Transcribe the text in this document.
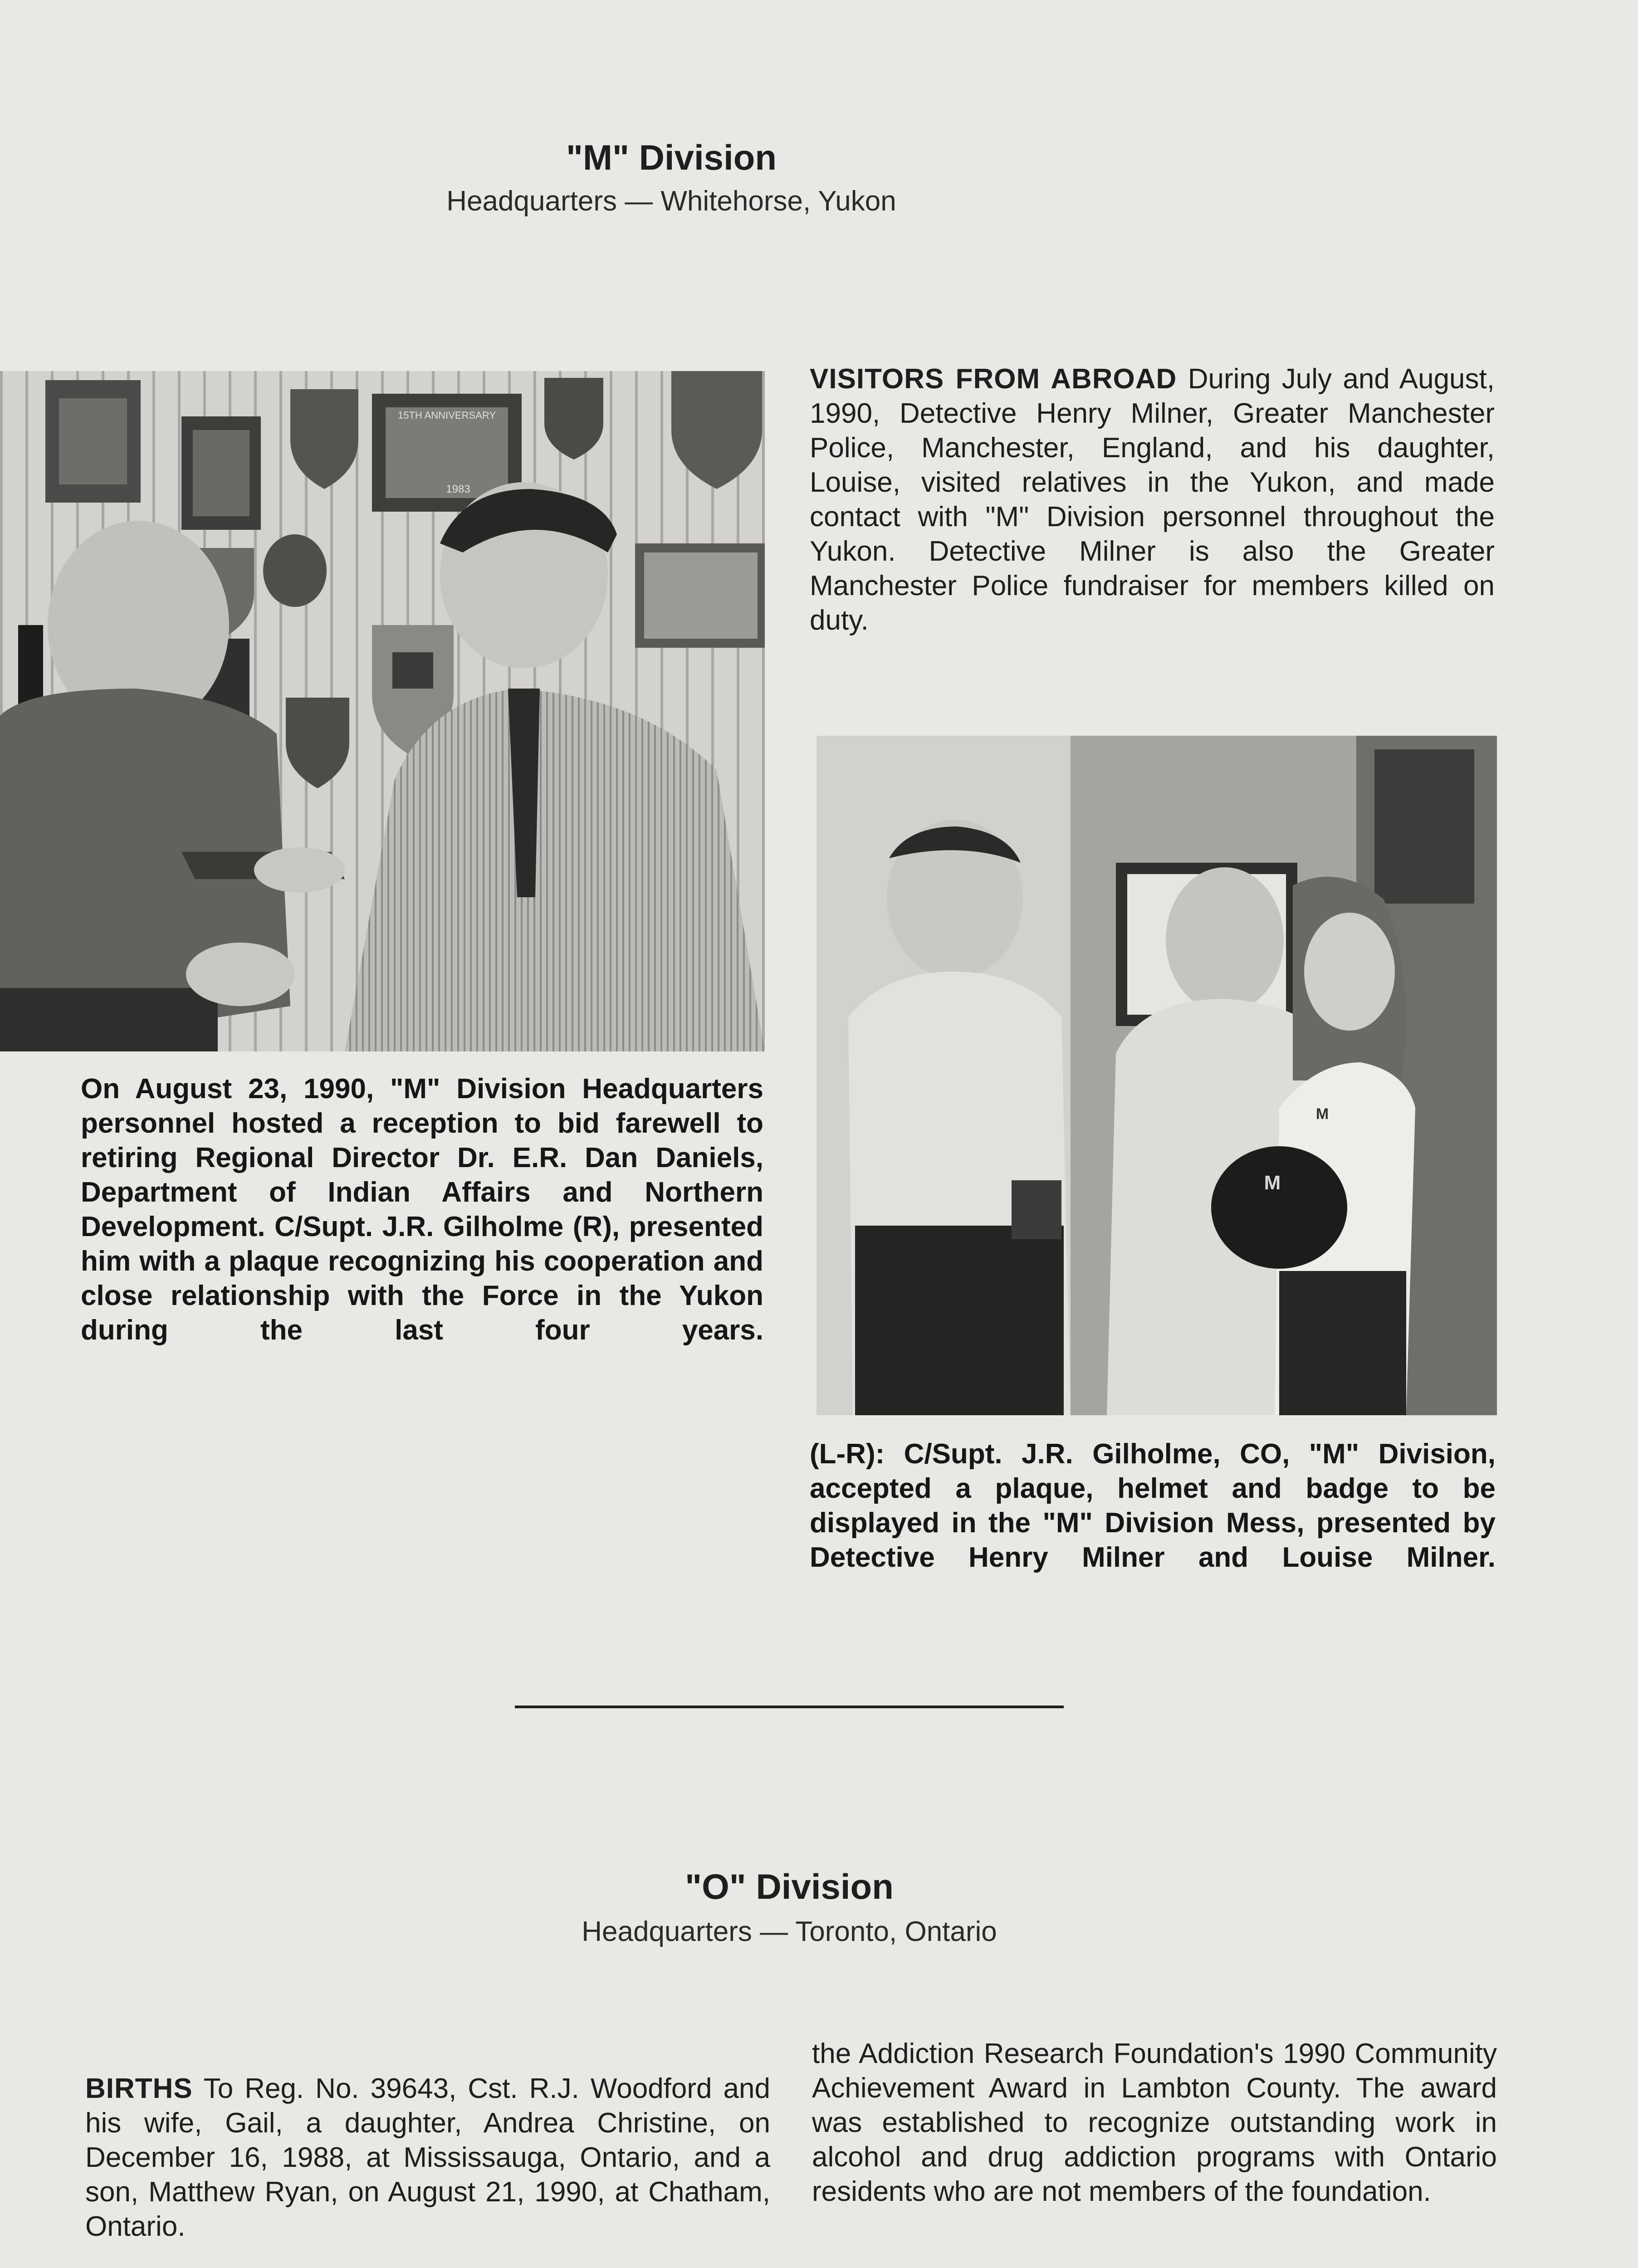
"M" Division
Headquarters — Whitehorse, Yukon
15TH ANNIVERSARY
1983
On August 23, 1990, "M" Division Headquarters personnel hosted a reception to bid farewell to retiring Regional Director Dr. E.R. Dan Daniels, Department of Indian Affairs and Northern Development. C/Supt. J.R. Gilholme (R), presented him with a plaque recognizing his cooperation and close relationship with the Force in the Yukon during the last four years.
VISITORS FROM ABROAD During July and August, 1990, Detective Henry Milner, Greater Manchester Police, Manchester, England, and his daughter, Louise, visited relatives in the Yukon, and made contact with "M" Division personnel throughout the Yukon. Detective Milner is also the Greater Manchester Police fundraiser for members killed on duty.
M
M
(L-R): C/Supt. J.R. Gilholme, CO, "M" Division, accepted a plaque, helmet and badge to be displayed in the "M" Division Mess, presented by Detective Henry Milner and Louise Milner.
"O" Division
Headquarters — Toronto, Ontario
BIRTHS To Reg. No. 39643, Cst. R.J. Woodford and his wife, Gail, a daughter, Andrea Christine, on December 16, 1988, at Mississauga, Ontario, and a son, Matthew Ryan, on August 21, 1990, at Chatham, Ontario.
the Addiction Research Foundation's 1990 Community Achievement Award in Lambton County. The award was established to recognize outstanding work in alcohol and drug addiction programs with Ontario residents who are not members of the foundation.
